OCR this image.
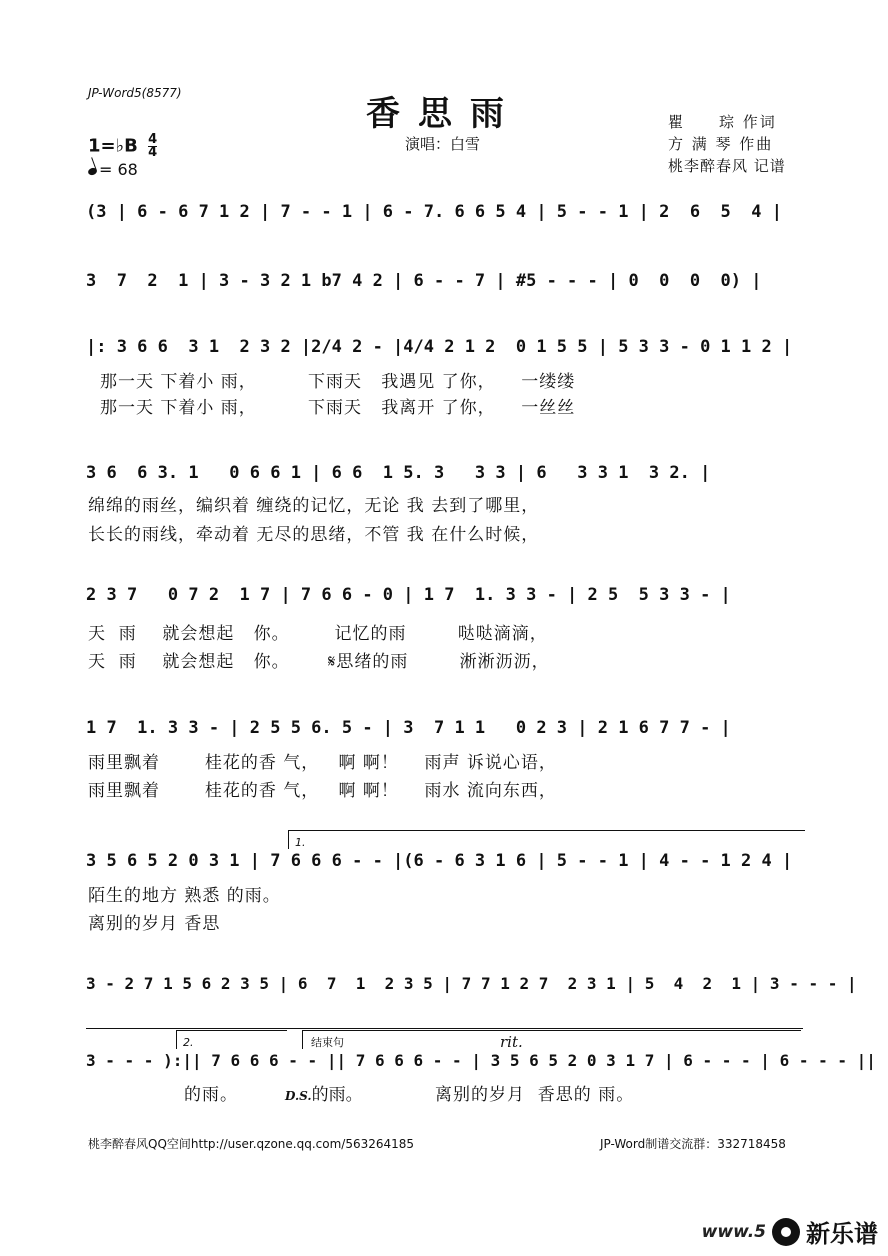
JP-Word5(8577)
香思雨
演唱：白雪
瞿　　琮 作词
方 满 琴 作曲
桃李醉春风 记谱
1=♭B $\frac{4}{4}$
= 68
(3 | 6 - 6 7 1 2 | 7 - - 1 | 6 - 7. 6 6 5 4 | 5 - - 1 | 2  6  5  4 |
3  7  2  1 | 3 - 3 2 1 b7 4 2 | 6 - - 7 | #5 - - - | 0  0  0  0) |
|: 3 6 6  3 1  2 3 2 |2/4 2 - |4/4 2 1 2  0 1 5 5 | 5 3 3 - 0 1 1 2 |
那一天 下着小 雨，        下雨天   我遇见 了你，    一缕缕
那一天 下着小 雨，        下雨天   我离开 了你，    一丝丝
3 6  6 3. 1   0 6 6 1 | 6 6  1 5. 3   3 3 | 6   3 3 1  3 2. |
绵绵的雨丝，编织着 缠绕的记忆，无论 我 去到了哪里，
长长的雨线，牵动着 无尽的思绪，不管 我 在什么时候，
2 3 7   0 7 2  1 7 | 7 6 6 - 0 | 1 7  1. 3 3 - | 2 5  5 3 3 - |
天  雨    就会想起   你。       记忆的雨        哒哒滴滴，
天  雨    就会想起   你。      𝄋思绪的雨        淅淅沥沥，
1 7  1. 3 3 - | 2 5 5 6. 5 - | 3  7 1 1   0 2 3 | 2 1 6 7 7 - |
雨里飘着       桂花的香 气，   啊 啊！    雨声 诉说心语，
雨里飘着       桂花的香 气，   啊 啊！    雨水 流向东西，
1.
3 5 6 5 2 0 3 1 | 7 6 6 6 - - |(6 - 6 3 1 6 | 5 - - 1 | 4 - - 1 2 4 |
陌生的地方 熟悉 的雨。
离别的岁月 香思
3 - 2 7 1 5 6 2 3 5 | 6  7  1  2 3 5 | 7 7 1 2 7  2 3 1 | 5  4  2  1 | 3 - - - |
2.	结束句	rit.
3 - - - ):|| 7 6 6 6 - - || 7 6 6 6 - - | 3 5 6 5 2 0 3 1 7 | 6 - - - | 6 - - - ||
的雨。	D.S.的雨。	离别的岁月  香思的 雨。
桃李醉春风QQ空间http://user.qzone.qq.com/563264185	JP-Word制谱交流群：332718458
www.5 新乐谱
